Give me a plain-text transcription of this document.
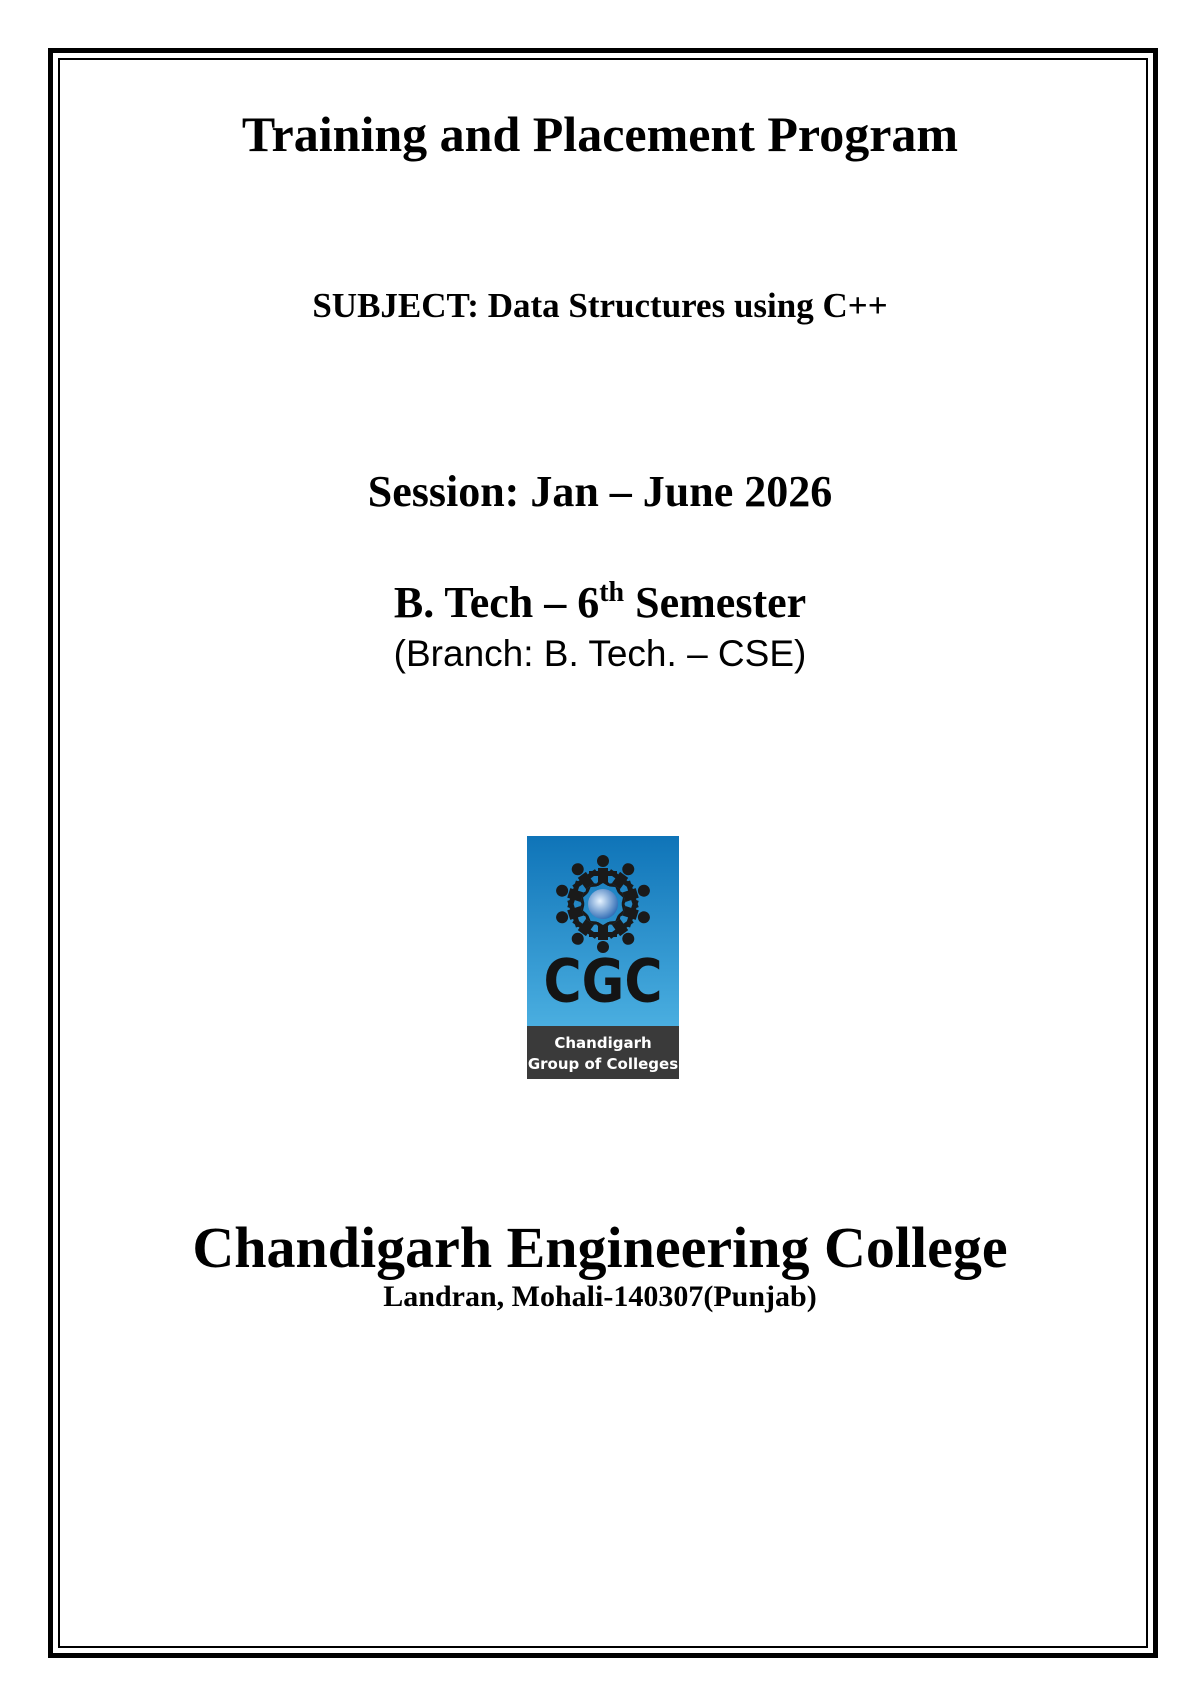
Training and Placement Program
SUBJECT: Data Structures using C++
Session: Jan – June 2026
B. Tech – 6th Semester
(Branch: B. Tech. – CSE)
CGC
Chandigarh
Group of Colleges
Chandigarh Engineering College
Landran, Mohali-140307(Punjab)
